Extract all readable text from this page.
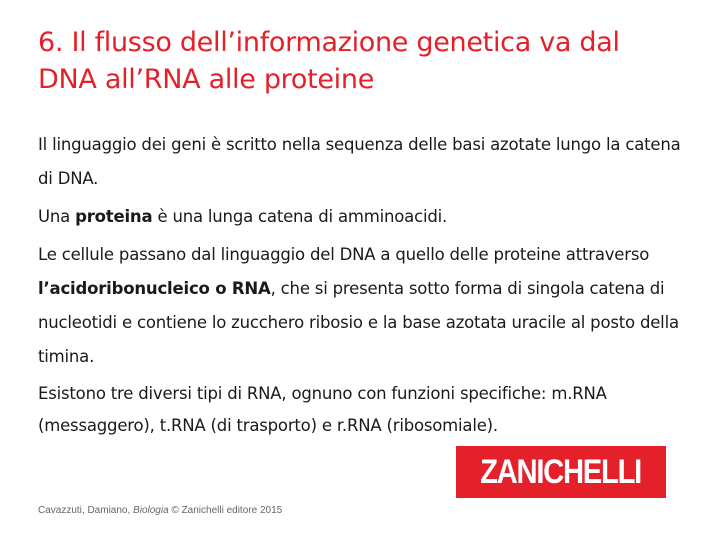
6. Il flusso dell’informazione genetica va dal
DNA all’RNA alle proteine

Il linguaggio dei geni è scritto nella sequenza delle basi azotate lungo la catena di DNA.

Una proteina è una lunga catena di amminoacidi.

Le cellule passano dal linguaggio del DNA a quello delle proteine attraverso l’acidoribonucleico o RNA, che si presenta sotto forma di singola catena di nucleotidi e contiene lo zucchero ribosio e la base azotata uracile al posto della timina.

Esistono tre diversi tipi di RNA, ognuno con funzioni specifiche: m.RNA (messaggero), t.RNA (di trasporto) e r.RNA (ribosomiale).

ZANICHELLI
Cavazzuti, Damiano, Biologia © Zanichelli editore 2015
